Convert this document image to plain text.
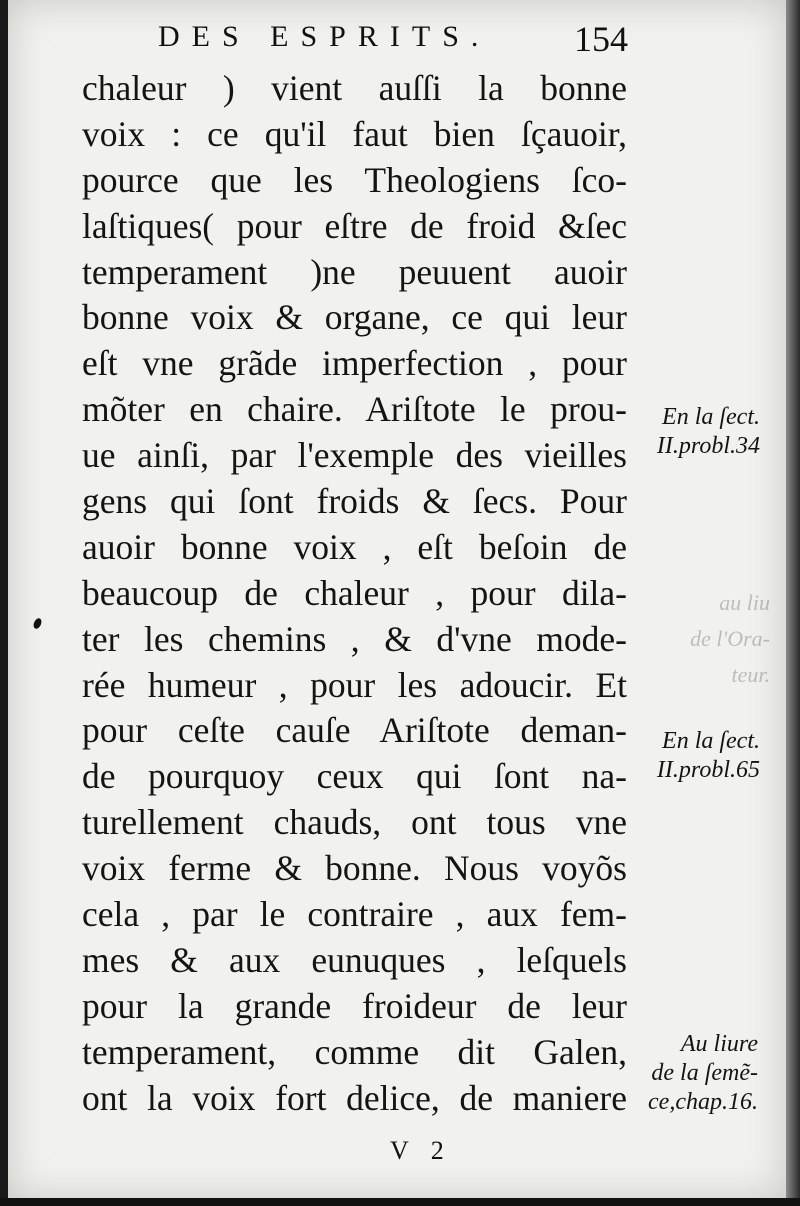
DES ESPRITS. 154
au liu
de l'Ora-
teur.
chaleur ) vient auſſi la bonne
voix : ce qu'il faut bien ſçauoir,
pource que les Theologiens ſco-
laſtiques( pour eſtre de froid &ſec
temperament )ne peuuent auoir
bonne voix & organe, ce qui leur
eſt vne grãde imperfection , pour
mõter en chaire. Ariſtote le prou-
ue ainſi, par l'exemple des vieilles
gens qui ſont froids & ſecs. Pour
auoir bonne voix , eſt beſoin de
beaucoup de chaleur , pour dila-
ter les chemins , & d'vne mode-
rée humeur , pour les adoucir. Et
pour ceſte cauſe Ariſtote deman-
de pourquoy ceux qui ſont na-
turellement chauds, ont tous vne
voix ferme & bonne. Nous voyõs
cela , par le contraire , aux fem-
mes & aux eunuques , leſquels
pour la grande froideur de leur
temperament, comme dit Galen,
ont la voix fort delice, de maniere
En la ſect.
II.probl.34
En la ſect.
II.probl.65
Au liure
de la ſemẽ-
ce,chap.16.
V 2
